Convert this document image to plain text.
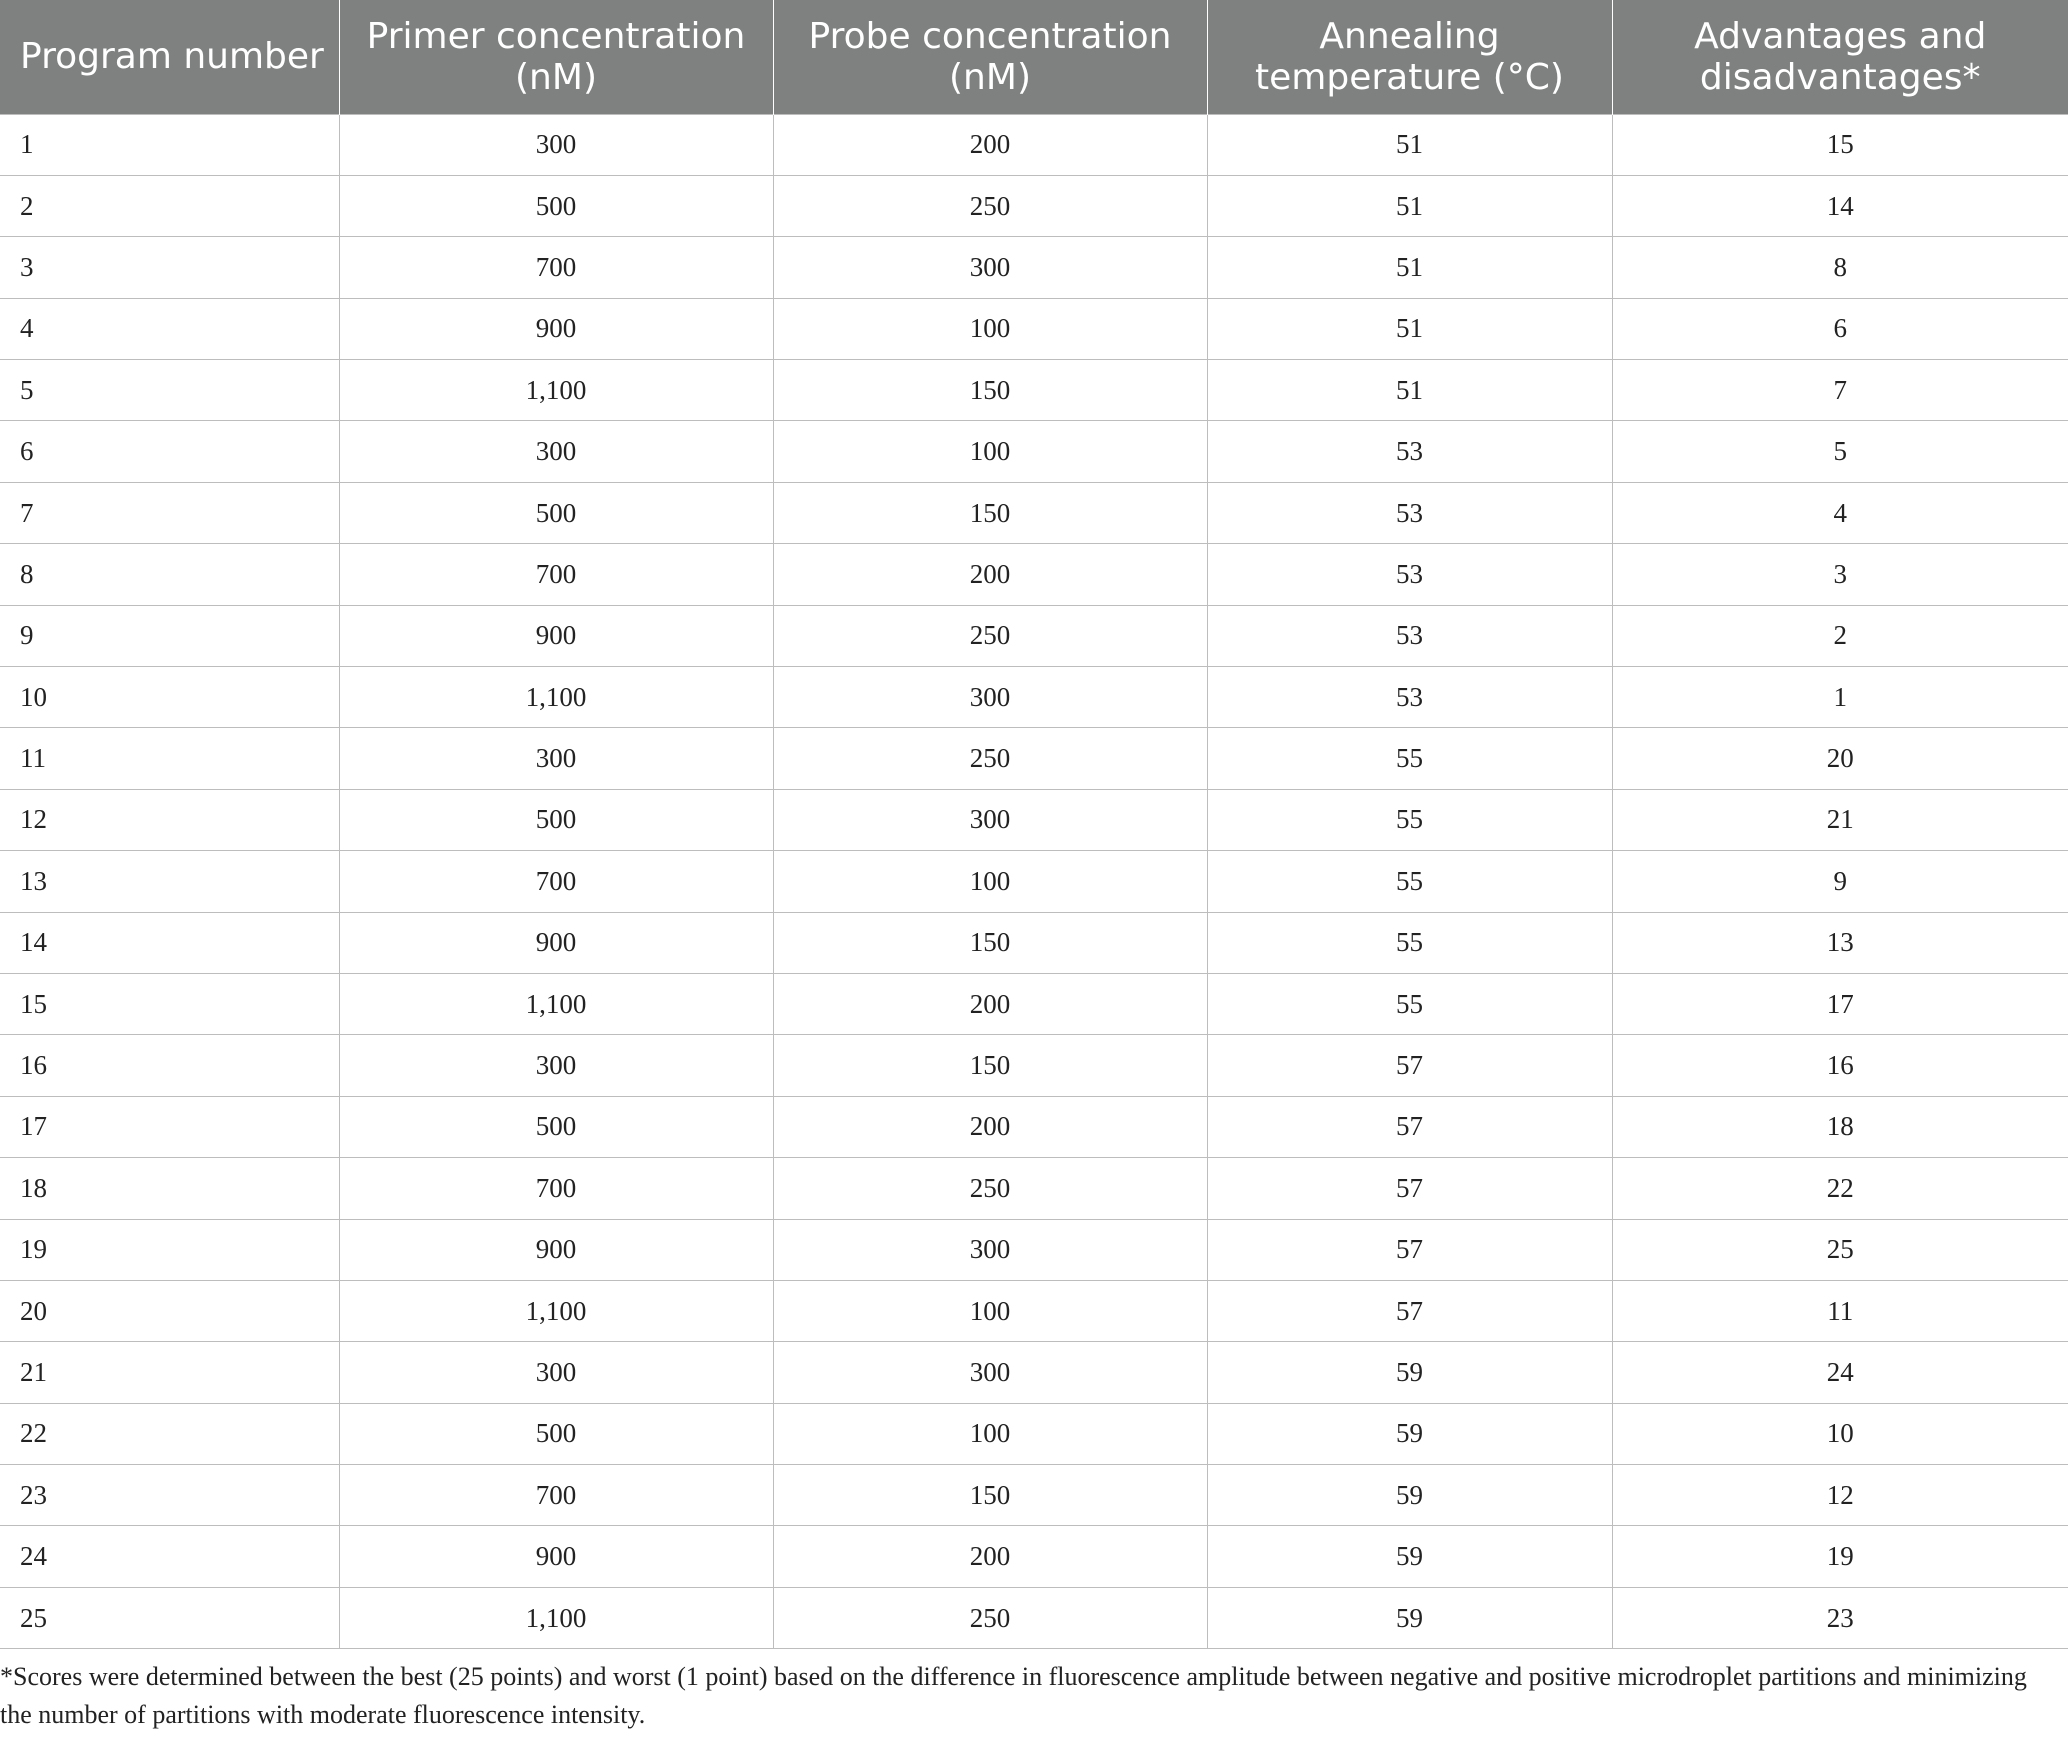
Program number	Primer concentration (nM)	Probe concentration (nM)	Annealing temperature (°C)	Advantages and disadvantages*
1	300	200	51	15
2	500	250	51	14
3	700	300	51	8
4	900	100	51	6
5	1,100	150	51	7
6	300	100	53	5
7	500	150	53	4
8	700	200	53	3
9	900	250	53	2
10	1,100	300	53	1
11	300	250	55	20
12	500	300	55	21
13	700	100	55	9
14	900	150	55	13
15	1,100	200	55	17
16	300	150	57	16
17	500	200	57	18
18	700	250	57	22
19	900	300	57	25
20	1,100	100	57	11
21	300	300	59	24
22	500	100	59	10
23	700	150	59	12
24	900	200	59	19
25	1,100	250	59	23

*Scores were determined between the best (25 points) and worst (1 point) based on the difference in fluorescence amplitude between negative and positive microdroplet partitions and minimizing the number of partitions with moderate fluorescence intensity.
